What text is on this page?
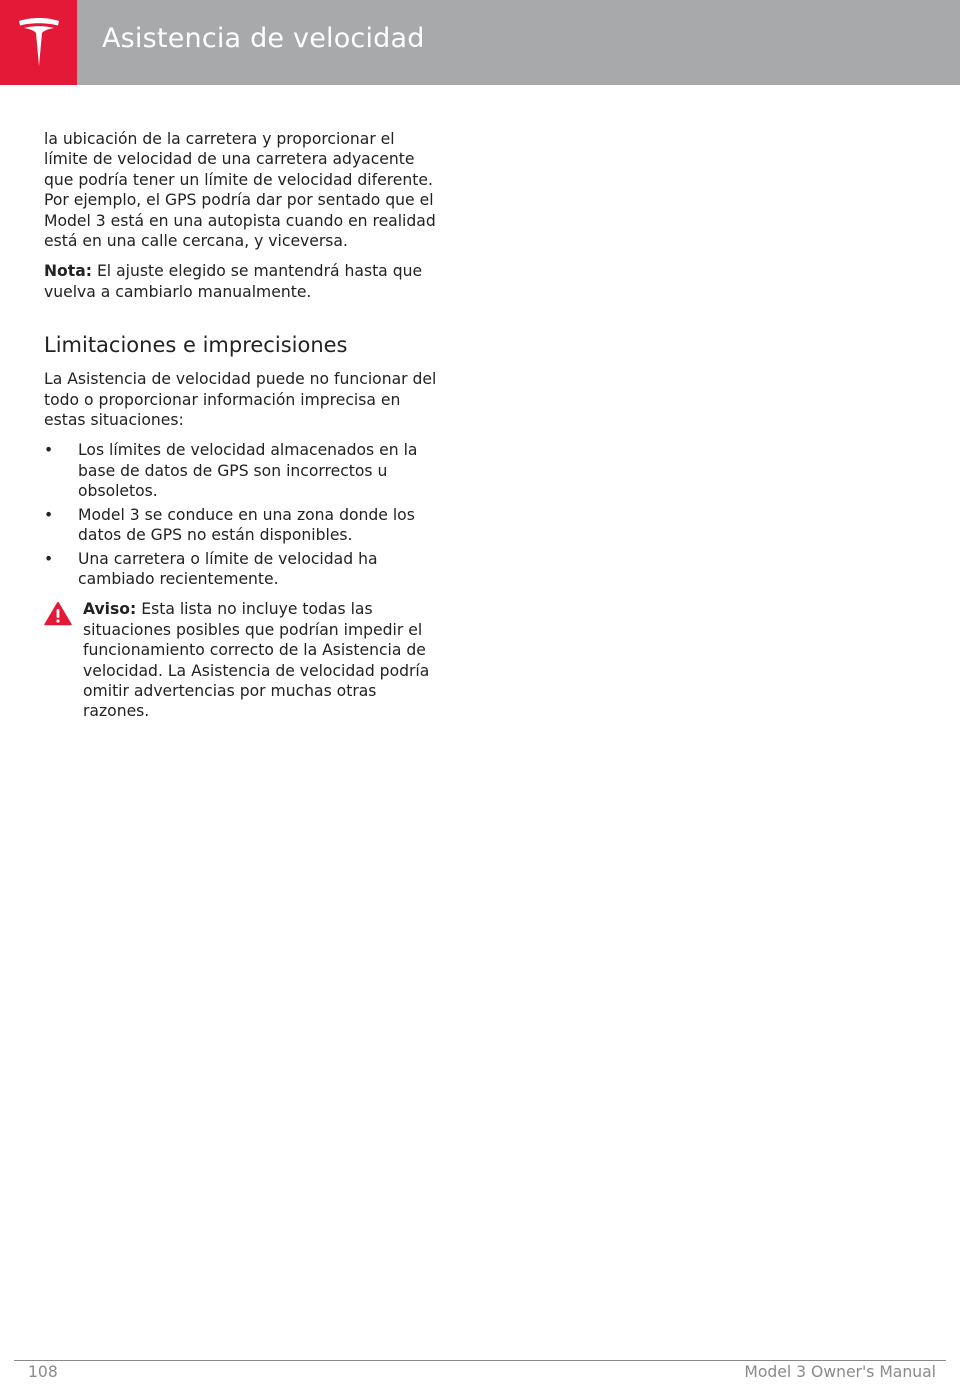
Asistencia de velocidad

la ubicación de la carretera y proporcionar el límite de velocidad de una carretera adyacente que podría tener un límite de velocidad diferente. Por ejemplo, el GPS podría dar por sentado que el Model 3 está en una autopista cuando en realidad está en una calle cercana, y viceversa.

Nota: El ajuste elegido se mantendrá hasta que vuelva a cambiarlo manualmente.

Limitaciones e imprecisiones

La Asistencia de velocidad puede no funcionar del todo o proporcionar información imprecisa en estas situaciones:

•	Los límites de velocidad almacenados en la base de datos de GPS son incorrectos u obsoletos.
•	Model 3 se conduce en una zona donde los datos de GPS no están disponibles.
•	Una carretera o límite de velocidad ha cambiado recientemente.
Aviso: Esta lista no incluye todas las situaciones posibles que podrían impedir el funcionamiento correcto de la Asistencia de velocidad. La Asistencia de velocidad podría omitir advertencias por muchas otras razones.
108	Model 3 Owner's Manual
